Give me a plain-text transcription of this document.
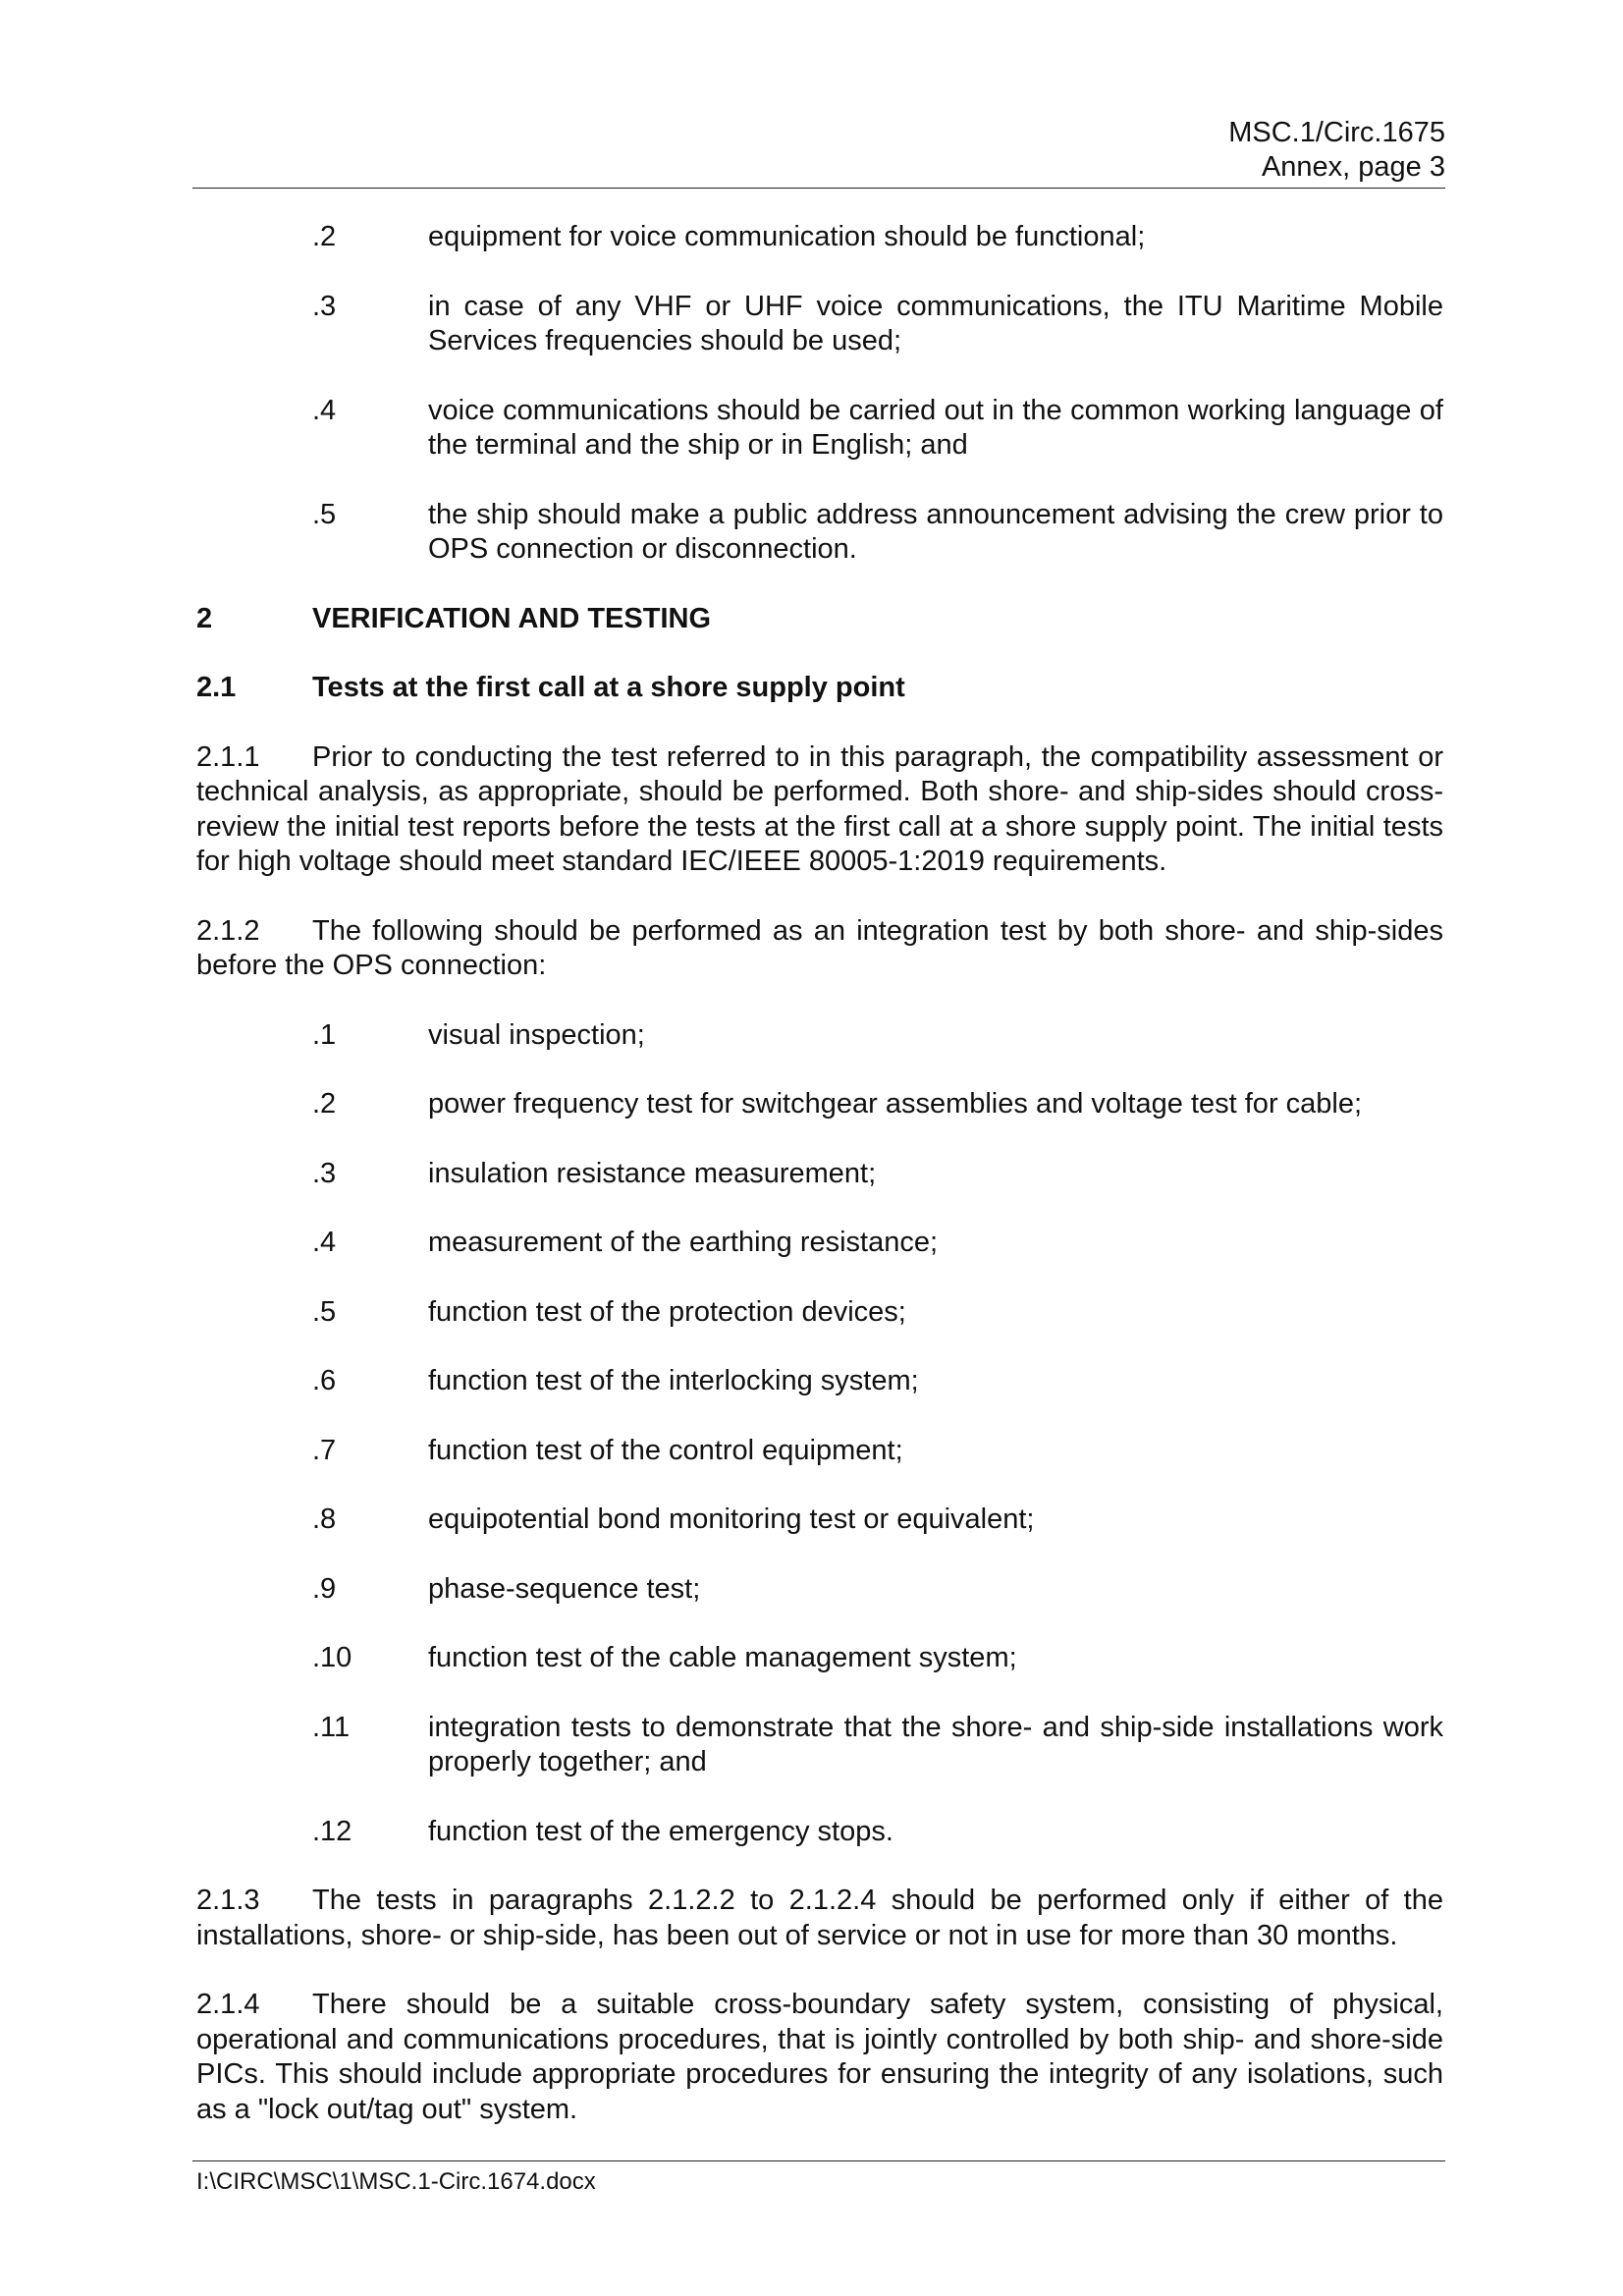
MSC.1/Circ.1675
Annex, page 3
.2	equipment for voice communication should be functional;
.3	in case of any VHF or UHF voice communications, the ITU Maritime Mobile Services frequencies should be used;
.4	voice communications should be carried out in the common working language of the terminal and the ship or in English; and
.5	the ship should make a public address announcement advising the crew prior to OPS connection or disconnection.
2	VERIFICATION AND TESTING
2.1	Tests at the first call at a shore supply point
2.1.1 Prior to conducting the test referred to in this paragraph, the compatibility assessment or technical analysis, as appropriate, should be performed. Both shore- and ship-sides should cross-review the initial test reports before the tests at the first call at a shore supply point. The initial tests for high voltage should meet standard IEC/IEEE 80005-1:2019 requirements.
2.1.2 The following should be performed as an integration test by both shore- and ship-sides before the OPS connection:
.1	visual inspection;
.2	power frequency test for switchgear assemblies and voltage test for cable;
.3	insulation resistance measurement;
.4	measurement of the earthing resistance;
.5	function test of the protection devices;
.6	function test of the interlocking system;
.7	function test of the control equipment;
.8	equipotential bond monitoring test or equivalent;
.9	phase-sequence test;
.10	function test of the cable management system;
.11	integration tests to demonstrate that the shore- and ship-side installations work properly together; and
.12	function test of the emergency stops.
2.1.3 The tests in paragraphs 2.1.2.2 to 2.1.2.4 should be performed only if either of the installations, shore- or ship-side, has been out of service or not in use for more than 30 months.
2.1.4 There should be a suitable cross-boundary safety system, consisting of physical, operational and communications procedures, that is jointly controlled by both ship- and shore-side PICs. This should include appropriate procedures for ensuring the integrity of any isolations, such as a "lock out/tag out" system.
I:\CIRC\MSC\1\MSC.1-Circ.1674.docx
